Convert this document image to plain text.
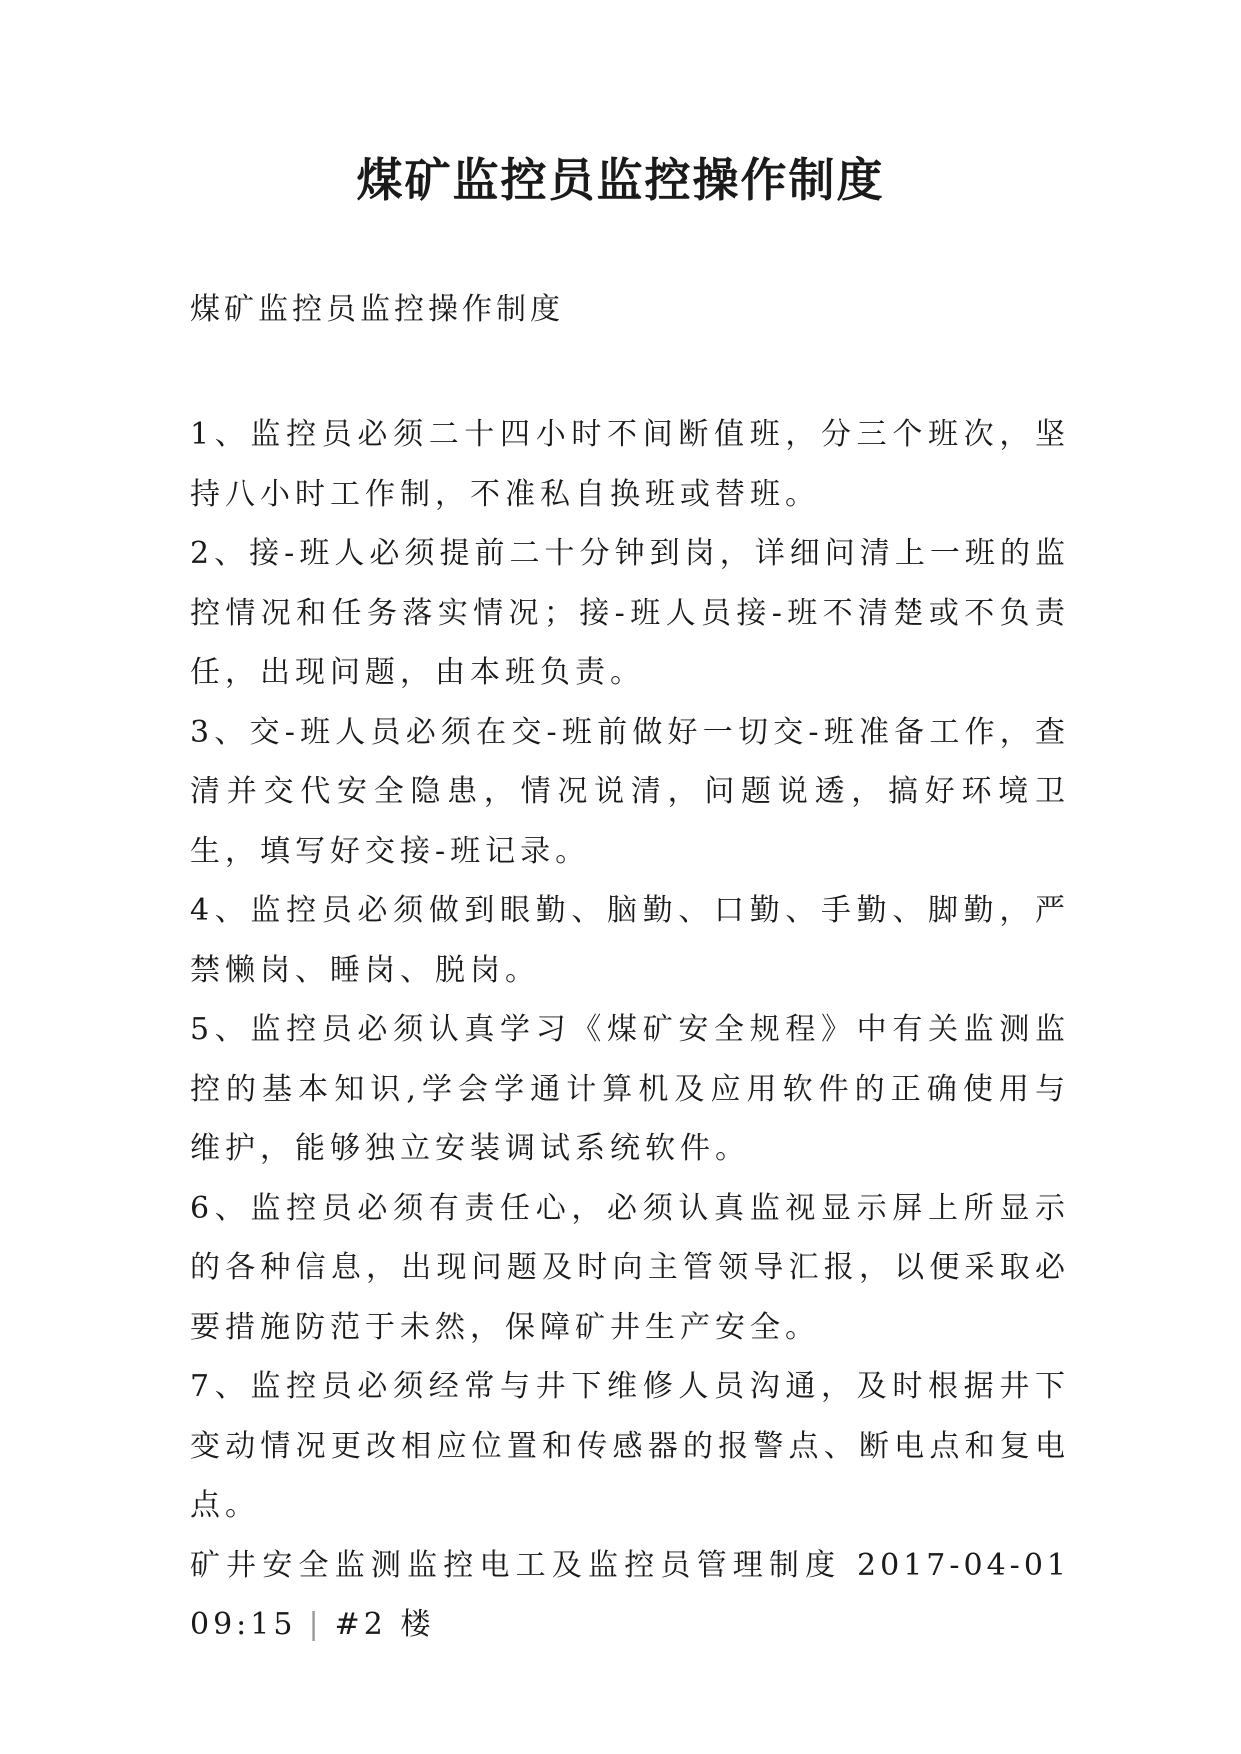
煤矿监控员监控操作制度

煤矿监控员监控操作制度

1、监控员必须二十四小时不间断值班，分三个班次，坚持八小时工作制，不准私自换班或替班。
2、接-班人必须提前二十分钟到岗，详细问清上一班的监控情况和任务落实情况；接-班人员接-班不清楚或不负责任，出现问题，由本班负责。
3、交-班人员必须在交-班前做好一切交-班准备工作，查清并交代安全隐患，情况说清，问题说透，搞好环境卫生，填写好交接-班记录。
4、监控员必须做到眼勤、脑勤、口勤、手勤、脚勤，严禁懒岗、睡岗、脱岗。
5、监控员必须认真学习《煤矿安全规程》中有关监测监控的基本知识,学会学通计算机及应用软件的正确使用与维护，能够独立安装调试系统软件。
6、监控员必须有责任心，必须认真监视显示屏上所显示的各种信息，出现问题及时向主管领导汇报，以便采取必要措施防范于未然，保障矿井生产安全。
7、监控员必须经常与井下维修人员沟通，及时根据井下变动情况更改相应位置和传感器的报警点、断电点和复电点。
矿井安全监测监控电工及监控员管理制度 2017-04-01 09:15 | #2 楼
